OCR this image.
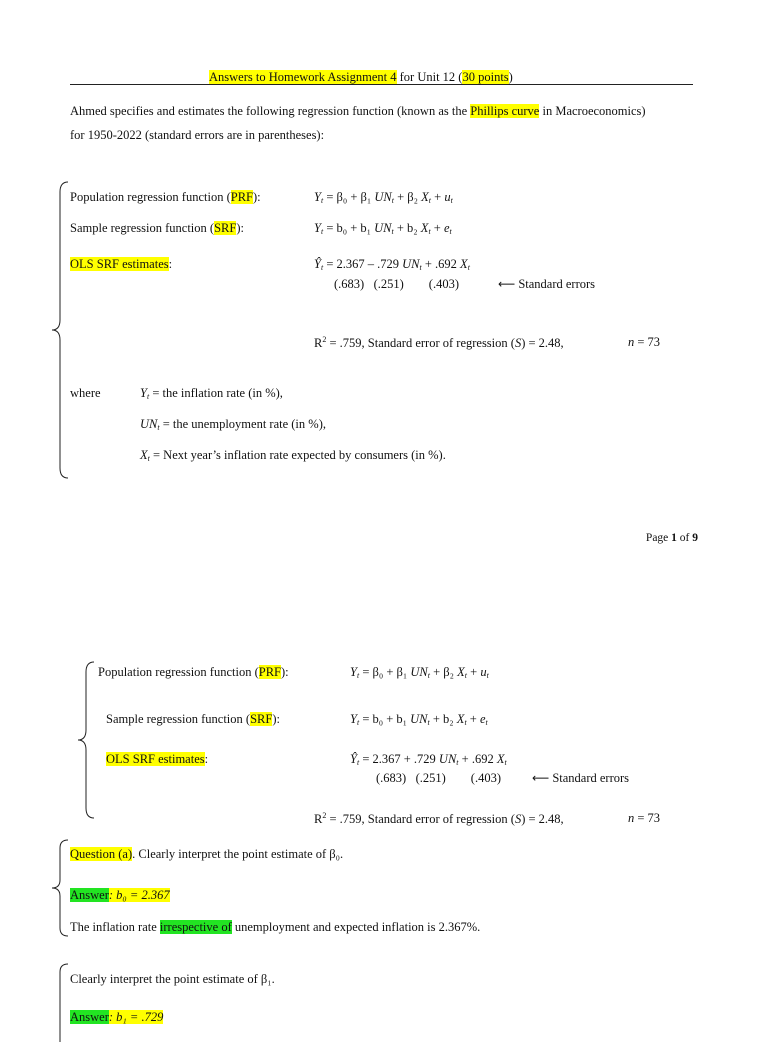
Answers to Homework Assignment 4 for Unit 12 (30 points)
Ahmed specifies and estimates the following regression function (known as the Phillips curve in Macroeconomics)
for 1950-2022 (standard errors are in parentheses):
Population regression function (PRF):	$Y_t = \beta_0 + \beta_1$ $UN_t + \beta_2$ $X_t + u_t$
Sample regression function (SRF):	$Y_t = b_0 + b_1$ $UN_t + b_2$ $X_t + e_t$
OLS SRF estimates:	$Ŷ_t = 2.367 - .729$ $UN_t + .692$ $X_t$
(.683)   (.251)        (.403)	⟵ Standard errors
$R^2 = .759$, Standard error of regression (S) = 2.48,	n = 73
where	$Y_t$ = the inflation rate (in %),
$UN_t$ = the unemployment rate (in %),
$X_t$ = Next year’s inflation rate expected by consumers (in %).
Page 1 of 9
Population regression function (PRF):	$Y_t = \beta_0 + \beta_1$ $UN_t + \beta_2$ $X_t + u_t$
Sample regression function (SRF):	$Y_t = b_0 + b_1$ $UN_t + b_2$ $X_t + e_t$
OLS SRF estimates:	$Ŷ_t = 2.367 + .729$ $UN_t + .692$ $X_t$
(.683)   (.251)        (.403)	⟵ Standard errors
$R^2 = .759$, Standard error of regression (S) = 2.48,	n = 73
Question (a). Clearly interpret the point estimate of β₀.
Answer: b₀ = 2.367
The inflation rate irrespective of unemployment and expected inflation is 2.367%.
Clearly interpret the point estimate of β₁.
Answer: b₁ = .729
